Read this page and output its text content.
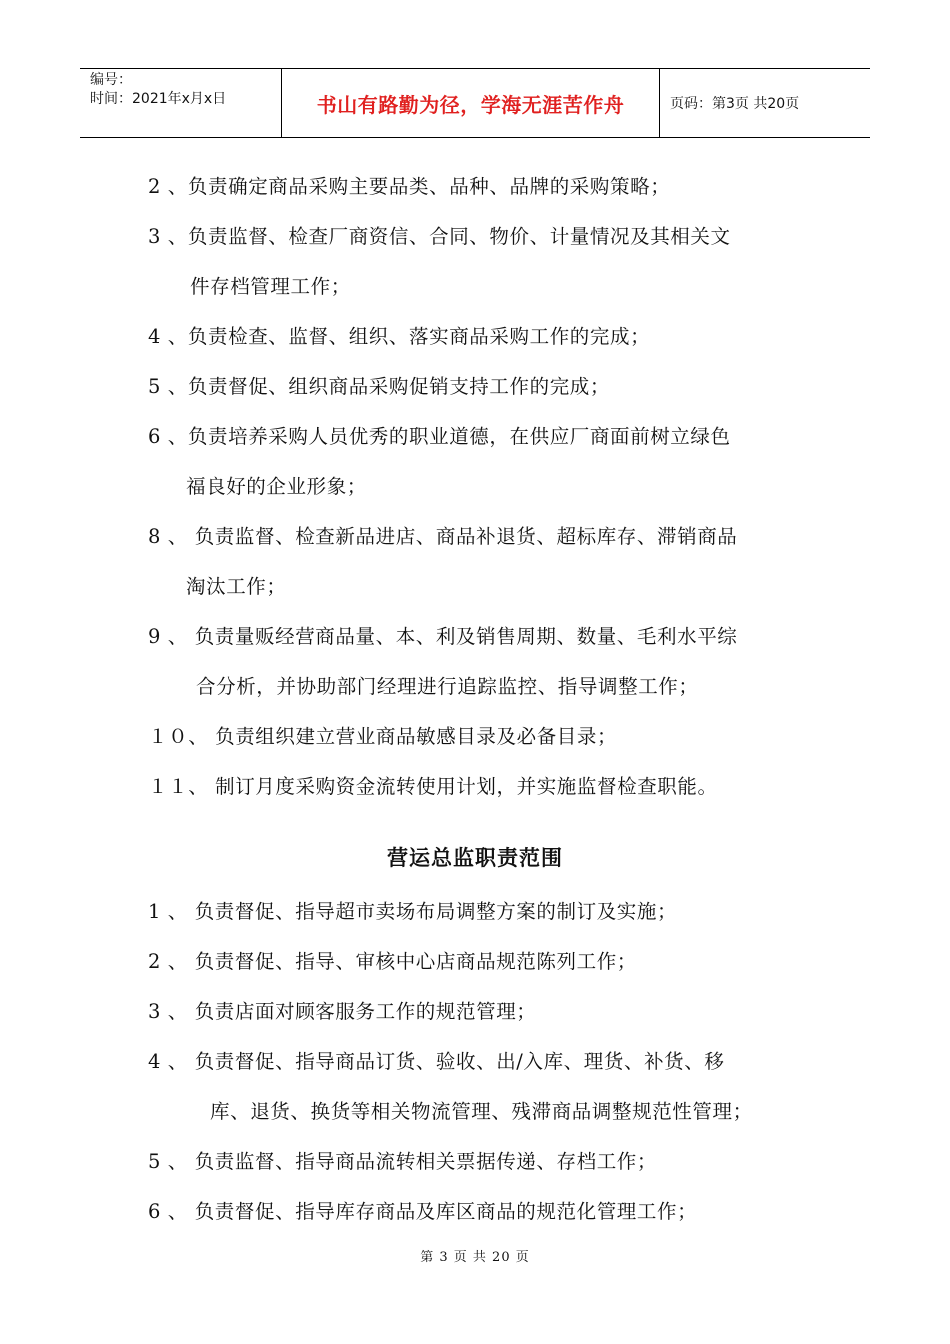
编号：
时间：2021年x月x日	书山有路勤为径，学海无涯苦作舟	页码：第3页 共20页
2 、负责确定商品采购主要品类、品种、品牌的采购策略；
3 、负责监督、检查厂商资信、合同、物价、计量情况及其相关文
件存档管理工作；
4 、负责检查、监督、组织、落实商品采购工作的完成；
5 、负责督促、组织商品采购促销支持工作的完成；
6 、负责培养采购人员优秀的职业道德，在供应厂商面前树立绿色
福良好的企业形象；
8 、 负责监督、检查新品进店、商品补退货、超标库存、滞销商品
淘汰工作；
9 、 负责量贩经营商品量、本、利及销售周期、数量、毛利水平综
合分析，并协助部门经理进行追踪监控、指导调整工作；
１０、 负责组织建立营业商品敏感目录及必备目录；
１１、 制订月度采购资金流转使用计划，并实施监督检查职能。
营运总监职责范围
1 、 负责督促、指导超市卖场布局调整方案的制订及实施；
2 、 负责督促、指导、审核中心店商品规范陈列工作；
3 、 负责店面对顾客服务工作的规范管理；
4 、 负责督促、指导商品订货、验收、出/入库、理货、补货、移
库、退货、换货等相关物流管理、残滞商品调整规范性管理；
5 、 负责监督、指导商品流转相关票据传递、存档工作；
6 、 负责督促、指导库存商品及库区商品的规范化管理工作；
第 3 页 共 20 页
